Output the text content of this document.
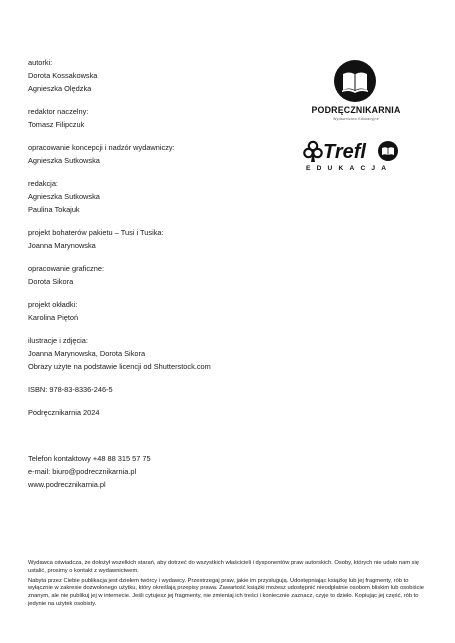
autorki:
Dorota Kossakowska
Agnieszka Olędzka
redaktor naczelny:
Tomasz Filipczuk
opracowanie koncepcji i nadzór wydawniczy:
Agnieszka Sutkowska
redakcja:
Agnieszka Sutkowska
Paulina Tokajuk
projekt bohaterów pakietu – Tusi i Tusika:
Joanna Marynowska
opracowanie graficzne:
Dorota Sikora
projekt okładki:
Karolina Piętoń
ilustracje i zdjęcia:
Joanna Marynowska, Dorota Sikora
Obrazy użyte na podstawie licencji od Shutterstock.com
ISBN: 978-83-8336-246-5
Podręcznikarnia 2024

Telefon kontaktowy +48 88 315 57 75
e-mail: biuro@podrecznikarnia.pl
www.podrecznikarnia.pl
PODRĘCZNIKARNIA
Wydawnictwo Edukacyjne
Trefl
EDUKACJA

Wydawca oświadcza, że dołożył wszelkich starań, aby dotrzeć do wszystkich właścicieli i dysponentów praw autorskich. Osoby, których nie udało nam się ustalić, prosimy o kontakt z wydawnictwem.

Nabyta przez Ciebie publikacja jest dziełem twórcy i wydawcy. Przestrzegaj praw, jakie im przysługują. Udostępniając książkę lub jej fragmenty, rób to wyłącznie w zakresie dozwolonego użytku, który określają przepisy prawa. Zawartość książki możesz udostępnić nieodpłatnie osobom bliskim lub osobiście znanym, ale nie publikuj jej w internecie. Jeśli cytujesz jej fragmenty, nie zmieniaj ich treści i koniecznie zaznacz, czyje to dzieło. Kopiując jej część, rób to jedynie na użytek osobisty.
